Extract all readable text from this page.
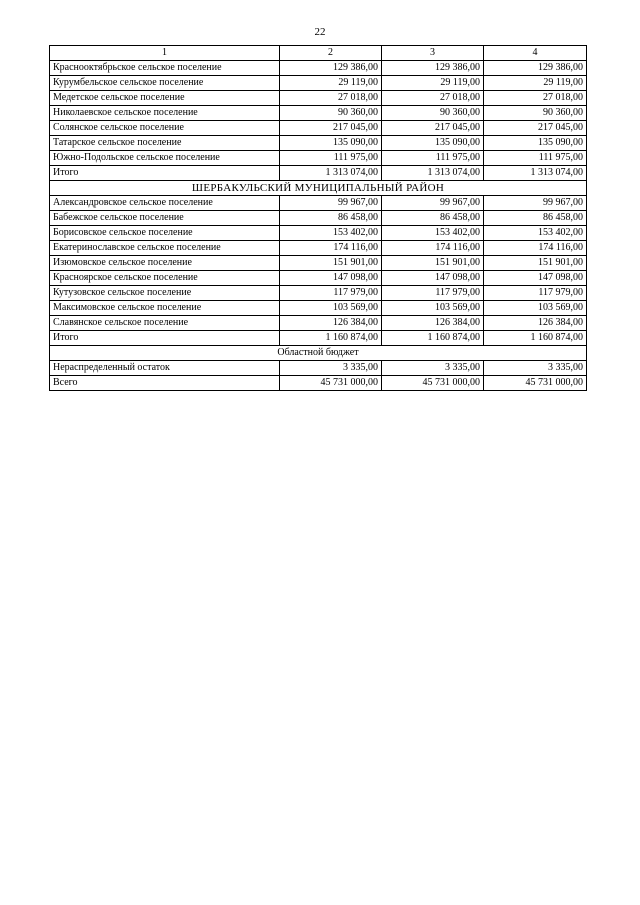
22
1	2	3	4
Краснооктябрьское сельское поселение	129 386,00	129 386,00	129 386,00
Курумбельское сельское поселение	29 119,00	29 119,00	29 119,00
Медетское сельское поселение	27 018,00	27 018,00	27 018,00
Николаевское сельское поселение	90 360,00	90 360,00	90 360,00
Солянское сельское поселение	217 045,00	217 045,00	217 045,00
Татарское сельское поселение	135 090,00	135 090,00	135 090,00
Южно-Подольское сельское поселение	111 975,00	111 975,00	111 975,00
Итого	1 313 074,00	1 313 074,00	1 313 074,00
ШЕРБАКУЛЬСКИЙ МУНИЦИПАЛЬНЫЙ РАЙОН			
Александровское сельское поселение	99 967,00	99 967,00	99 967,00
Бабежское сельское поселение	86 458,00	86 458,00	86 458,00
Борисовское сельское поселение	153 402,00	153 402,00	153 402,00
Екатеринославское сельское поселение	174 116,00	174 116,00	174 116,00
Изюмовское сельское поселение	151 901,00	151 901,00	151 901,00
Красноярское сельское поселение	147 098,00	147 098,00	147 098,00
Кутузовское сельское поселение	117 979,00	117 979,00	117 979,00
Максимовское сельское поселение	103 569,00	103 569,00	103 569,00
Славянское сельское поселение	126 384,00	126 384,00	126 384,00
Итого	1 160 874,00	1 160 874,00	1 160 874,00
Областной бюджет			
Нераспределенный остаток	3 335,00	3 335,00	3 335,00
Всего	45 731 000,00	45 731 000,00	45 731 000,00
